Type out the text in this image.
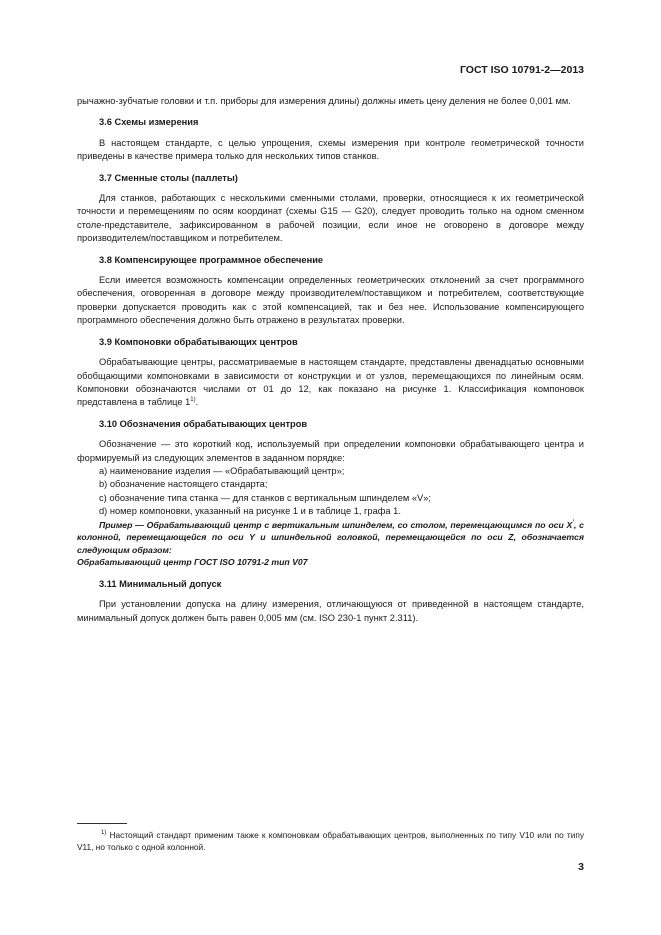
ГОСТ ISO 10791-2—2013

рычажно-зубчатые головки и т.п. приборы для измерения длины) должны иметь цену деления не более 0,001 мм.

3.6 Схемы измерения

В настоящем стандарте, с целью упрощения, схемы измерения при контроле геометрической точности приведены в качестве примера только для нескольких типов станков.

3.7 Сменные столы (паллеты)

Для станков, работающих с несколькими сменными столами, проверки, относящиеся к их геометрической точности и перемещениям по осям координат (схемы G15 — G20), следует проводить только на одном сменном столе-представителе, зафиксированном в рабочей позиции, если иное не оговорено в договоре между производителем/поставщиком и потребителем.

3.8 Компенсирующее программное обеспечение

Если имеется возможность компенсации определенных геометрических отклонений за счет программного обеспечения, оговоренная в договоре между производителем/поставщиком и потребителем, соответствующие проверки допускается проводить как с этой компенсацией, так и без нее. Использование компенсирующего программного обеспечения должно быть отражено в результатах проверки.

3.9 Компоновки обрабатывающих центров

Обрабатывающие центры, рассматриваемые в настоящем стандарте, представлены двенадцатью основными обобщающими компоновками в зависимости от конструкции и от узлов, перемещающихся по линейным осям. Компоновки обозначаются числами от 01 до 12, как показано на рисунке 1. Классификация компоновок представлена в таблице 1$^{1)}$.

3.10 Обозначения обрабатывающих центров

Обозначение — это короткий код, используемый при определении компоновки обрабатывающего центра и формируемый из следующих элементов в заданном порядке:

a) наименование изделия — «Обрабатывающий центр»;

b) обозначение настоящего стандарта;

c) обозначение типа станка — для станков с вертикальным шпинделем «V»;

d) номер компоновки, указанный на рисунке 1 и в таблице 1, графа 1.

Пример — Обрабатывающий центр с вертикальным шпинделем, со столом, перемещающимся по оси X’, с колонной, перемещающейся по оси Y и шпиндельной головкой, перемещающейся по оси Z, обозначается следующим образом:

Обрабатывающий центр ГОСТ ISO 10791-2 тип V07

3.11 Минимальный допуск

При установлении допуска на длину измерения, отличающуюся от приведенной в настоящем стандарте, минимальный допуск должен быть равен 0,005 мм (см. ISO 230-1 пункт 2.311).

$^{1)}$ Настоящий стандарт применим также к компоновкам обрабатывающих центров, выполненных по типу V10 или по типу V11, но только с одной колонной.

3
